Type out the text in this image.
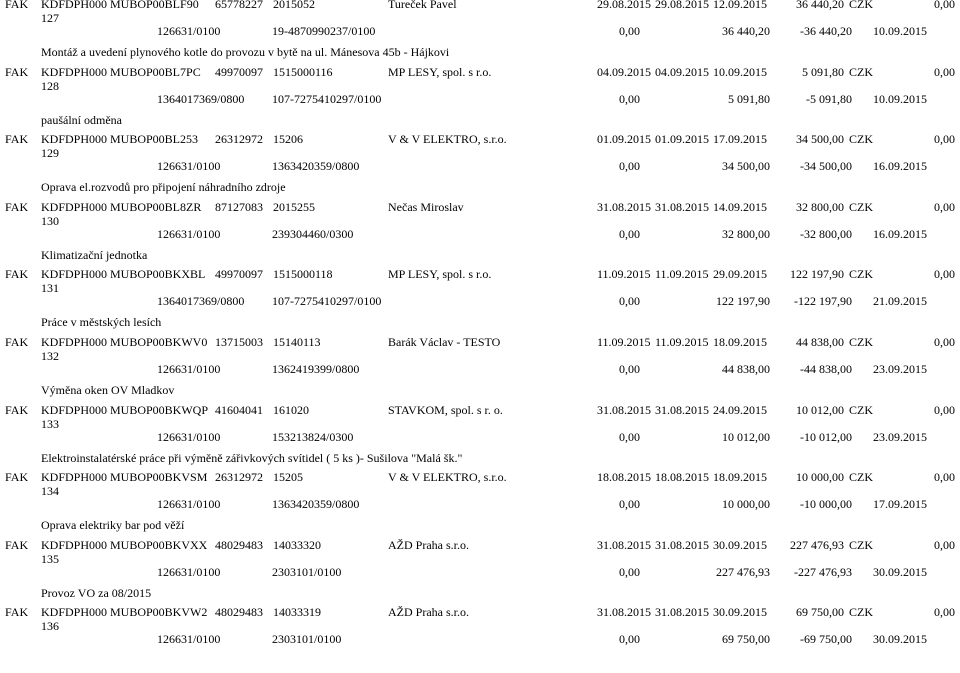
FAK KDFDPH000 MUBOP00BLF90 65778227 2015052	Tureček Pavel	29.08.2015 29.08.2015 12.09.2015	36 440,20 CZK	0,00
127
126631/0100	19-4870990237/0100	0,00	36 440,20	-36 440,20 10.09.2015
Montáž a uvedení plynového kotle do provozu v bytě na ul. Mánesova 45b - Hájkovi
FAK KDFDPH000 MUBOP00BL7PC 49970097 1515000116	MP LESY, spol. s r.o.	04.09.2015 04.09.2015 10.09.2015	5 091,80 CZK	0,00
128
1364017369/0800 107-7275410297/0100	0,00	5 091,80	-5 091,80 10.09.2015
paušální odměna
FAK KDFDPH000 MUBOP00BL253 26312972 15206	V & V ELEKTRO, s.r.o.	01.09.2015 01.09.2015 17.09.2015	34 500,00 CZK	0,00
129
126631/0100	1363420359/0800	0,00	34 500,00	-34 500,00 16.09.2015
Oprava el.rozvodů pro připojení náhradního zdroje
FAK KDFDPH000 MUBOP00BL8ZR 87127083 2015255	Nečas Miroslav	31.08.2015 31.08.2015 14.09.2015	32 800,00 CZK	0,00
130
126631/0100	239304460/0300	0,00	32 800,00	-32 800,00 16.09.2015
Klimatizační jednotka
FAK KDFDPH000 MUBOP00BKXBL 49970097 1515000118	MP LESY, spol. s r.o.	11.09.2015 11.09.2015 29.09.2015	122 197,90 CZK	0,00
131
1364017369/0800 107-7275410297/0100	0,00	122 197,90	-122 197,90 21.09.2015
Práce v městských lesích
FAK KDFDPH000 MUBOP00BKWV0 13715003 15140113	Barák Václav - TESTO	11.09.2015 11.09.2015 18.09.2015	44 838,00 CZK	0,00
132
126631/0100	1362419399/0800	0,00	44 838,00	-44 838,00 23.09.2015
Výměna oken OV Mladkov
FAK KDFDPH000 MUBOP00BKWQP 41604041 161020	STAVKOM, spol. s r. o.	31.08.2015 31.08.2015 24.09.2015	10 012,00 CZK	0,00
133
126631/0100	153213824/0300	0,00	10 012,00	-10 012,00 23.09.2015
Elektroinstalatérské práce při výměně zářivkových svítidel ( 5 ks )- Sušilova "Malá šk."
FAK KDFDPH000 MUBOP00BKVSM 26312972 15205	V & V ELEKTRO, s.r.o.	18.08.2015 18.08.2015 18.09.2015	10 000,00 CZK	0,00
134
126631/0100	1363420359/0800	0,00	10 000,00	-10 000,00 17.09.2015
Oprava elektriky bar pod věží
FAK KDFDPH000 MUBOP00BKVXX 48029483 14033320	AŽD Praha s.r.o.	31.08.2015 31.08.2015 30.09.2015	227 476,93 CZK	0,00
135
126631/0100	2303101/0100	0,00	227 476,93	-227 476,93 30.09.2015
Provoz VO za 08/2015
FAK KDFDPH000 MUBOP00BKVW2 48029483 14033319	AŽD Praha s.r.o.	31.08.2015 31.08.2015 30.09.2015	69 750,00 CZK	0,00
136
126631/0100	2303101/0100	0,00	69 750,00	-69 750,00 30.09.2015
